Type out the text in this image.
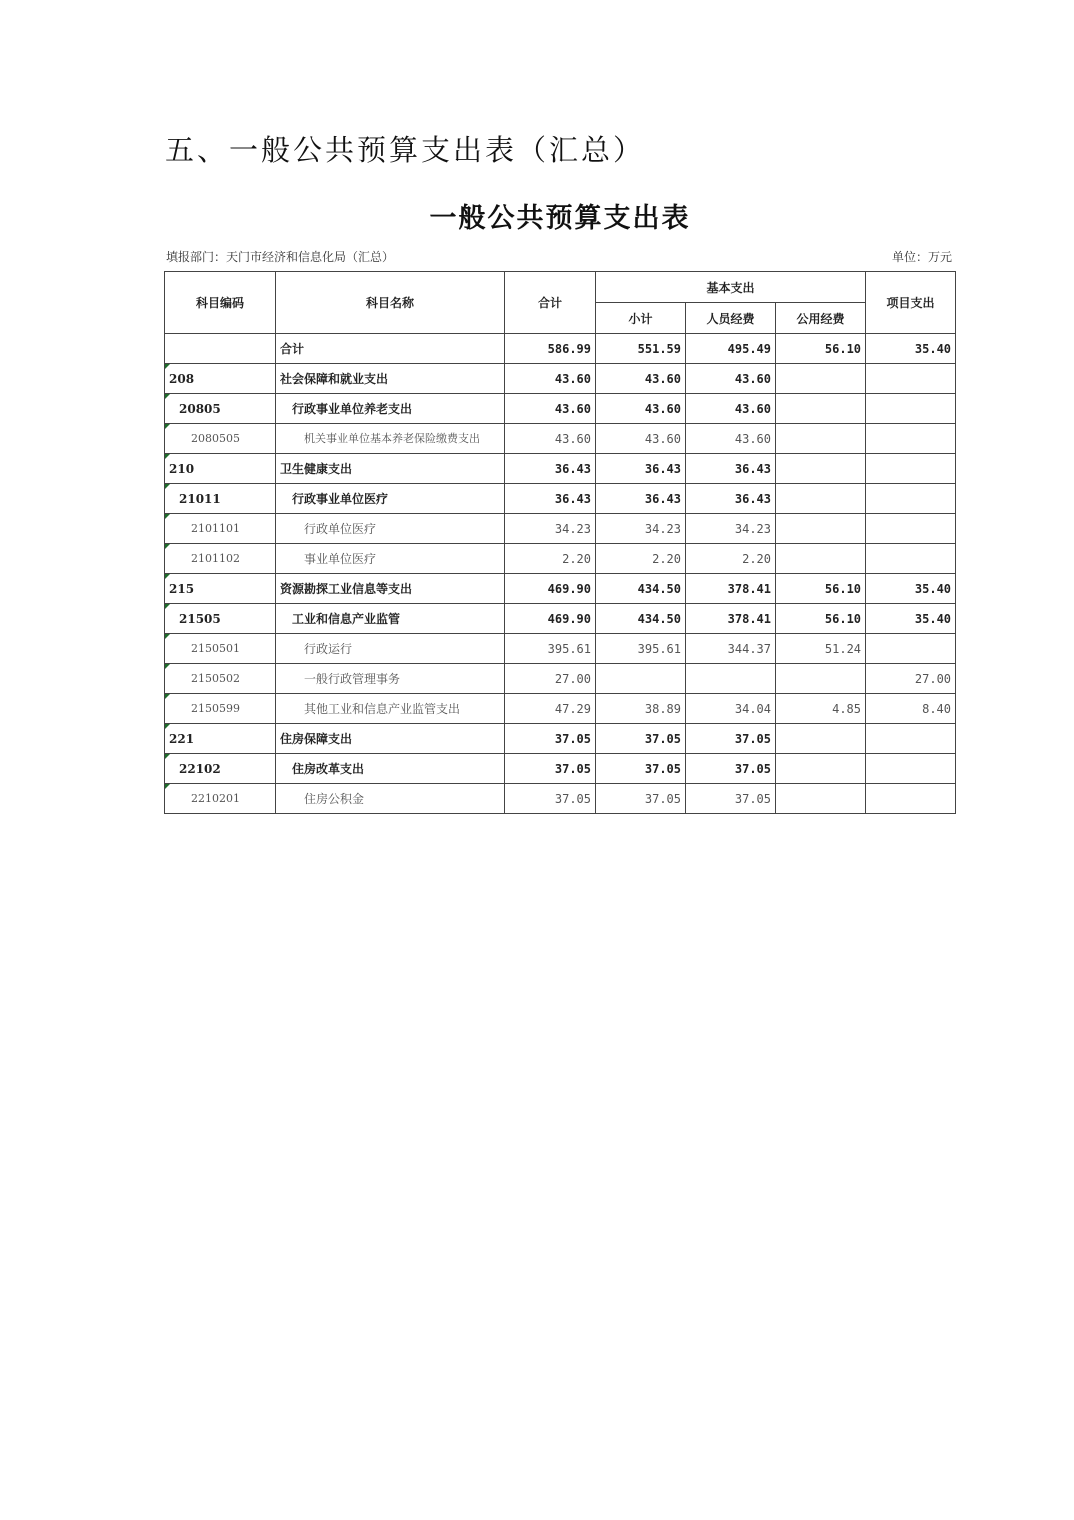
五、一般公共预算支出表（汇总）
一般公共预算支出表
填报部门：天门市经济和信息化局（汇总）	单位：万元
科目编码	科目名称	合计	基本支出			项目支出
			小计	人员经费	公用经费	
	合计	586.99	551.59	495.49	56.10	35.40

208	社会保障和就业支出	43.60	43.60	43.60		

20805	行政事业单位养老支出	43.60	43.60	43.60		

2080505	机关事业单位基本养老保险缴费支出	43.60	43.60	43.60		

210	卫生健康支出	36.43	36.43	36.43		

21011	行政事业单位医疗	36.43	36.43	36.43		

2101101	行政单位医疗	34.23	34.23	34.23		

2101102	事业单位医疗	2.20	2.20	2.20		

215	资源勘探工业信息等支出	469.90	434.50	378.41	56.10	35.40

21505	工业和信息产业监管	469.90	434.50	378.41	56.10	35.40

2150501	行政运行	395.61	395.61	344.37	51.24	

2150502	一般行政管理事务	27.00				27.00

2150599	其他工业和信息产业监管支出	47.29	38.89	34.04	4.85	8.40

221	住房保障支出	37.05	37.05	37.05		

22102	住房改革支出	37.05	37.05	37.05		

2210201	住房公积金	37.05	37.05	37.05		
